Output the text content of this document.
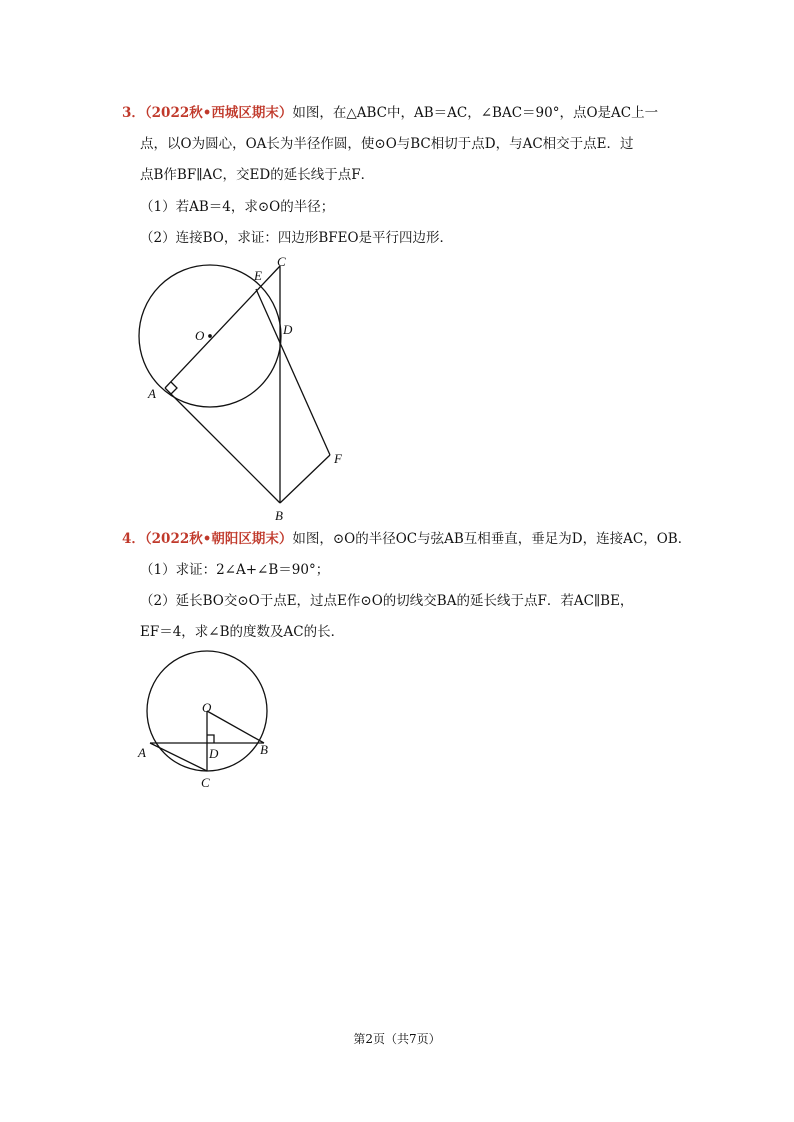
3．（2022秋•西城区期末）如图，在△ABC中，AB＝AC，∠BAC＝90°，点O是AC上一
点，以O为圆心，OA长为半径作圆，使⊙O与BC相切于点D，与AC相交于点E．过
点B作BF∥AC，交ED的延长线于点F．
（1）若AB＝4，求⊙O的半径；
（2）连接BO，求证：四边形BFEO是平行四边形．
C
E
O	D
A
F
B
4．（2022秋•朝阳区期末）如图，⊙O的半径OC与弦AB互相垂直，垂足为D，连接AC，OB．
（1）求证：2∠A+∠B＝90°；
（2）延长BO交⊙O于点E，过点E作⊙O的切线交BA的延长线于点F．若AC∥BE，
EF＝4，求∠B的度数及AC的长．
O
A	D	B
C
第2页（共7页）
